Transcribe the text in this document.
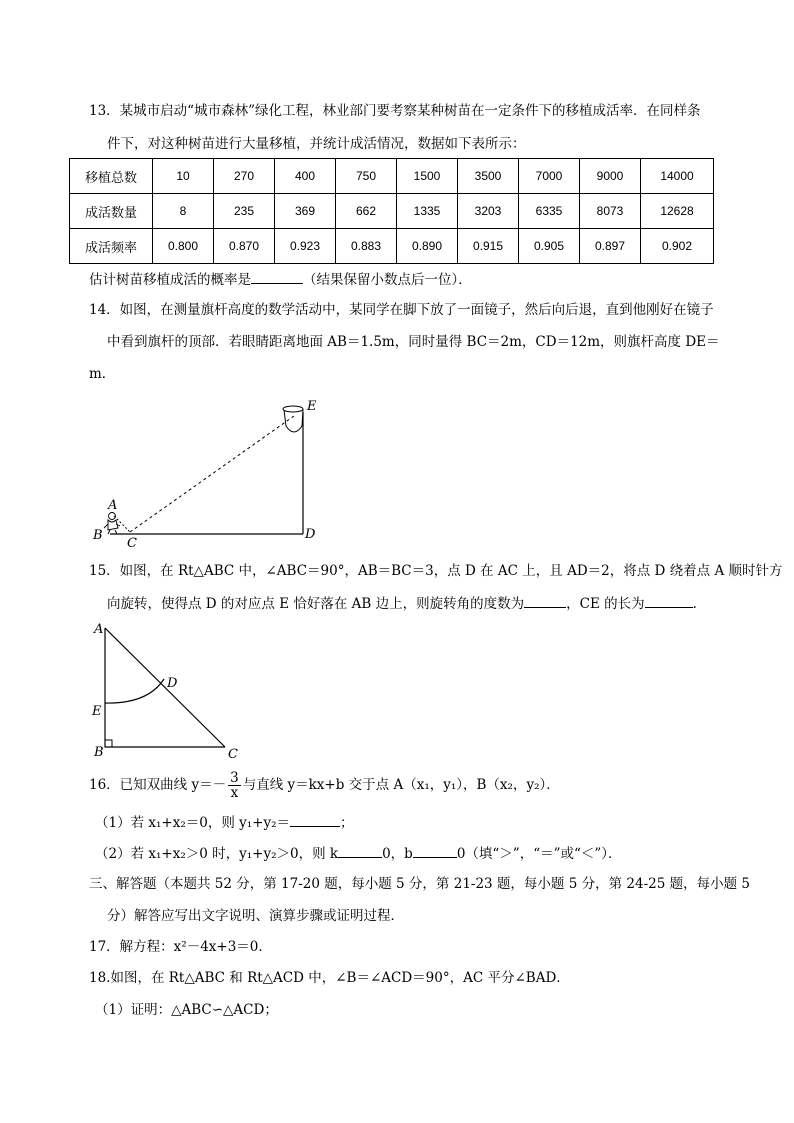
13．某城市启动“城市森林”绿化工程，林业部门要考察某种树苗在一定条件下的移植成活率．在同样条
件下，对这种树苗进行大量移植，并统计成活情况，数据如下表所示：
移植总数	10	270	400	750	1500	3500	7000	9000	14000
成活数量	8	235	369	662	1335	3203	6335	8073	12628
成活频率	0.800	0.870	0.923	0.883	0.890	0.915	0.905	0.897	0.902
估计树苗移植成活的概率是	（结果保留小数点后一位）．
14．如图，在测量旗杆高度的数学活动中，某同学在脚下放了一面镜子，然后向后退，直到他刚好在镜子
中看到旗杆的顶部．若眼睛距离地面 AB＝1.5m，同时量得 BC＝2m，CD＝12m，则旗杆高度 DE＝
m．
A
B
C
D
E
15．如图，在 Rt△ABC 中，∠ABC＝90°，AB＝BC＝3，点 D 在 AC 上，且 AD＝2，将点 D 绕着点 A 顺时针方
向旋转，使得点 D 的对应点 E 恰好落在 AB 边上，则旋转角的度数为	，CE 的长为	．
A
E
B	C
D
16．已知双曲线 $y=- \frac{3}{x}$ 与直线 y＝kx+b 交于点 A（x₁，y₁），B（x₂，y₂）．
（1）若 x₁+x₂＝0，则 y₁+y₂＝	；
（2）若 x₁+x₂＞0 时，y₁+y₂＞0，则 k	0，b	0（填“＞”，“＝”或“＜”）．
三、解答题（本题共 52 分，第 17-20 题，每小题 5 分，第 21-23 题，每小题 5 分，第 24-25 题，每小题 5
分）解答应写出文字说明、演算步骤或证明过程．
17．解方程：x²－4x+3＝0．
18.如图，在 Rt△ABC 和 Rt△ACD 中，∠B＝∠ACD＝90°，AC 平分∠BAD．
（1）证明：△ABC∽△ACD；
